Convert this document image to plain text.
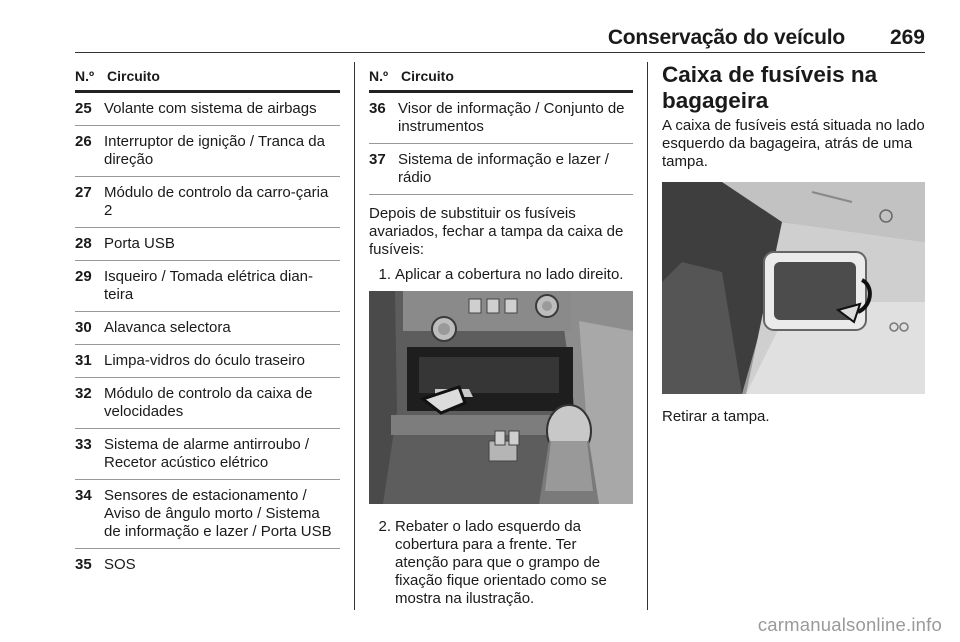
Conservação do veículo 269
N.º Circuito
25 Volante com sistema de airbags
26 Interruptor de ignição / Tranca da direção
27 Módulo de controlo da carro-çaria 2
28 Porta USB
29 Isqueiro / Tomada elétrica dian-teira
30 Alavanca selectora
31 Limpa-vidros do óculo traseiro
32 Módulo de controlo da caixa de velocidades
33 Sistema de alarme antirroubo / Recetor acústico elétrico
34 Sensores de estacionamento / Aviso de ângulo morto / Sistema de informação e lazer / Porta USB
35 SOS
N.º Circuito
36 Visor de informação / Conjunto de instrumentos
37 Sistema de informação e lazer / rádio

Depois de substituir os fusíveis avariados, fechar a tampa da caixa de fusíveis:

1. Aplicar a cobertura no lado direito.
2. Rebater o lado esquerdo da cobertura para a frente. Ter atenção para que o grampo de fixação fique orientado como se mostra na ilustração.
Caixa de fusíveis na bagageira

A caixa de fusíveis está situada no lado esquerdo da bagageira, atrás de uma tampa.

Retirar a tampa.

carmanualsonline.info
